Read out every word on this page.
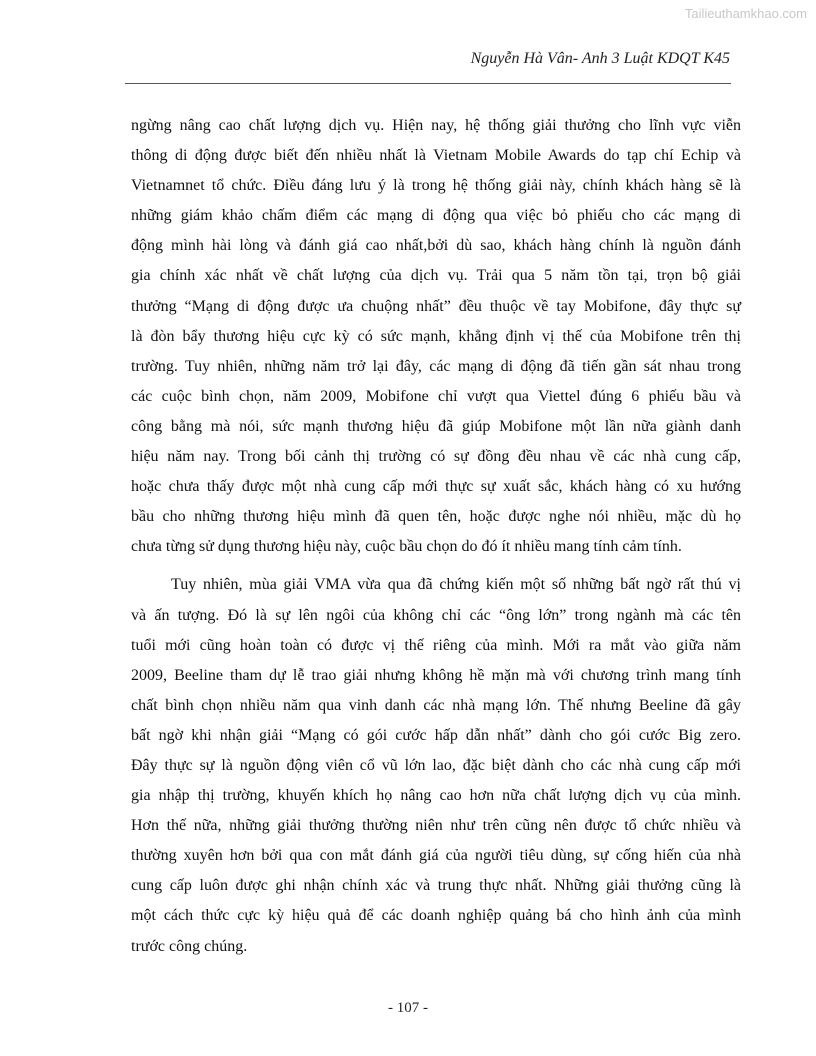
Tailieuthamkhao.com
Nguyễn Hà Vân- Anh 3 Luật KDQT K45
ngừng nâng cao chất lượng dịch vụ. Hiện nay, hệ thống giải thưởng cho lĩnh vực viễn
thông di động được biết đến nhiều nhất là Vietnam Mobile Awards do tạp chí Echip và
Vietnamnet tổ chức. Điều đáng lưu ý là trong hệ thống giải này, chính khách hàng sẽ là
những giám khảo chấm điểm các mạng di động qua việc bỏ phiếu cho các mạng di
động mình hài lòng và đánh giá cao nhất,bởi dù sao, khách hàng chính là nguồn đánh
gia chính xác nhất về chất lượng của dịch vụ. Trải qua 5 năm tồn tại, trọn bộ giải
thưởng “Mạng di động được ưa chuộng nhất” đều thuộc về tay Mobifone, đây thực sự
là đòn bẩy thương hiệu cực kỳ có sức mạnh, khẳng định vị thế của Mobifone trên thị
trường. Tuy nhiên, những năm trở lại đây, các mạng di động đã tiến gần sát nhau trong
các cuộc bình chọn, năm 2009, Mobifone chỉ vượt qua Viettel đúng 6 phiếu bầu và
công bằng mà nói, sức mạnh thương hiệu đã giúp Mobifone một lần nữa giành danh
hiệu năm nay. Trong bối cảnh thị trường có sự đồng đều nhau về các nhà cung cấp,
hoặc chưa thấy được một nhà cung cấp mới thực sự xuất sắc, khách hàng có xu hướng
bầu cho những thương hiệu mình đã quen tên, hoặc được nghe nói nhiều, mặc dù họ
chưa từng sử dụng thương hiệu này, cuộc bầu chọn do đó ít nhiều mang tính cảm tính.
Tuy nhiên, mùa giải VMA vừa qua đã chứng kiến một số những bất ngờ rất thú vị
và ấn tượng. Đó là sự lên ngôi của không chỉ các “ông lớn” trong ngành mà các tên
tuổi mới cũng hoàn toàn có được vị thế riêng của mình. Mới ra mắt vào giữa năm
2009, Beeline tham dự lễ trao giải nhưng không hề mặn mà với chương trình mang tính
chất bình chọn nhiều năm qua vinh danh các nhà mạng lớn. Thế nhưng Beeline đã gây
bất ngờ khi nhận giải “Mạng có gói cước hấp dẫn nhất” dành cho gói cước Big zero.
Đây thực sự là nguồn động viên cổ vũ lớn lao, đặc biệt dành cho các nhà cung cấp mới
gia nhập thị trường, khuyến khích họ nâng cao hơn nữa chất lượng dịch vụ của mình.
Hơn thế nữa, những giải thưởng thường niên như trên cũng nên được tổ chức nhiều và
thường xuyên hơn bởi qua con mắt đánh giá của người tiêu dùng, sự cống hiến của nhà
cung cấp luôn được ghi nhận chính xác và trung thực nhất. Những giải thưởng cũng là
một cách thức cực kỳ hiệu quả để các doanh nghiệp quảng bá cho hình ảnh của mình
trước công chúng.
- 107 -
